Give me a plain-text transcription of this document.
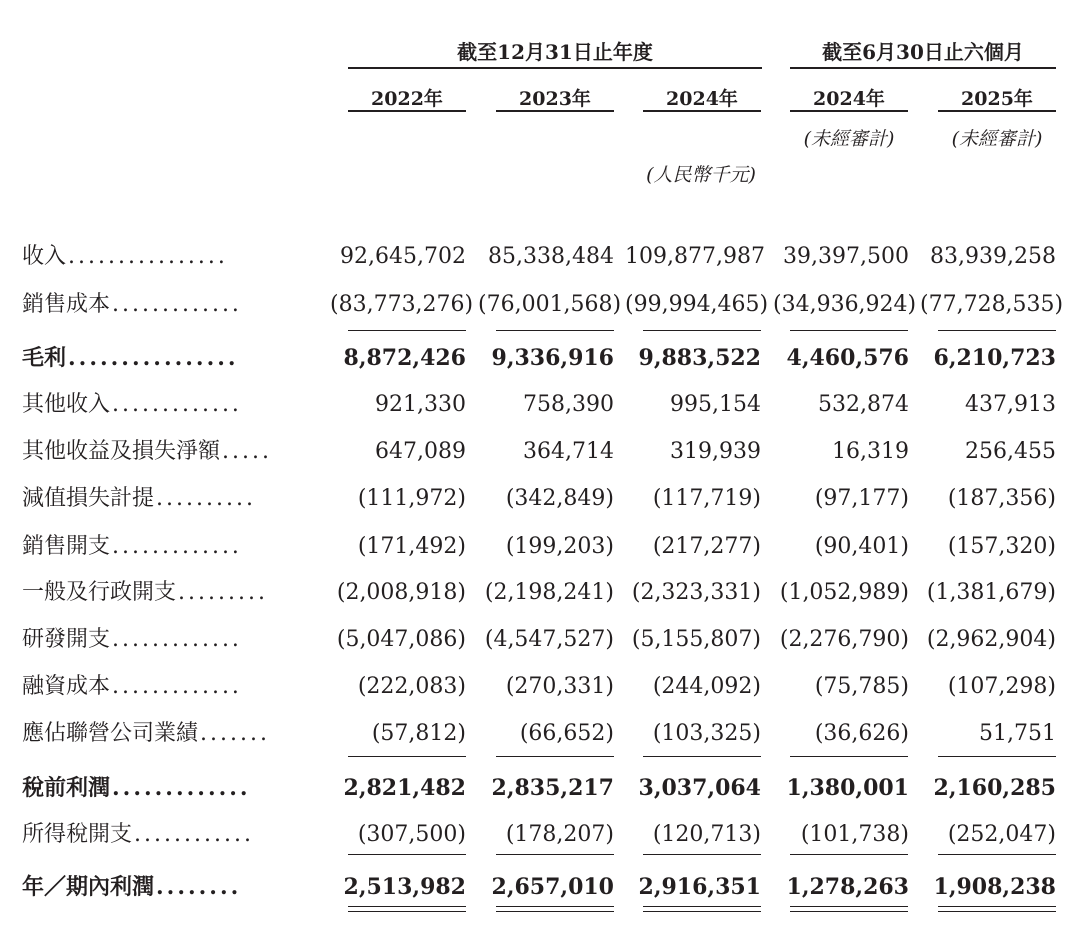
截至12月31日止年度	截至6月30日止六個月
2022年	2023年	2024年	2024年	2025年
(未經審計)	(未經審計)
(人民幣千元)
收入................	92,645,702	85,338,484 109,877,987 39,397,500 83,939,258
銷售成本.............	(83,773,276) (76,001,568) (99,994,465) (34,936,924) (77,728,535)
毛利................	8,872,426	9,336,916	9,883,522	4,460,576	6,210,723
其他收入.............	921,330	758,390	995,154	532,874	437,913
其他收益及損失淨額.....	647,089	364,714	319,939	16,319	256,455
減值損失計提..........	(111,972)	(342,849)	(117,719)	(97,177)	(187,356)
銷售開支.............	(171,492)	(199,203)	(217,277)	(90,401)	(157,320)
一般及行政開支.........	(2,008,918) (2,198,241) (2,323,331) (1,052,989) (1,381,679)
研發開支.............	(5,047,086) (4,547,527) (5,155,807) (2,276,790) (2,962,904)
融資成本.............	(222,083)	(270,331)	(244,092)	(75,785)	(107,298)
應佔聯營公司業績.......	(57,812)	(66,652)	(103,325)	(36,626)	51,751
稅前利潤.............	2,821,482	2,835,217	3,037,064	1,380,001	2,160,285
所得稅開支............	(307,500)	(178,207)	(120,713)	(101,738)	(252,047)
年／期內利潤........	2,513,982	2,657,010	2,916,351	1,278,263	1,908,238
